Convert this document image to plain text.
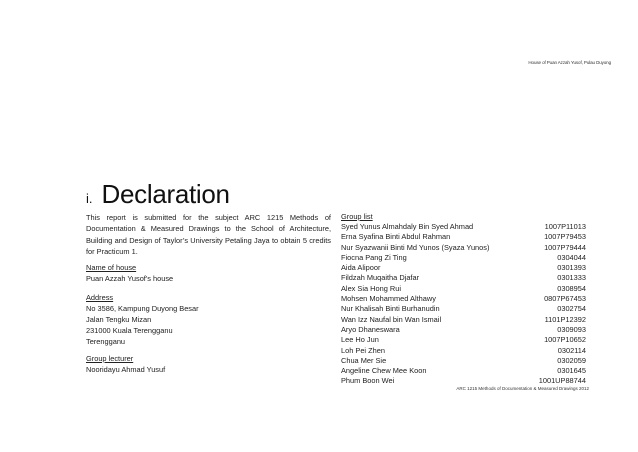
House of Puan Azzah Yusof, Pulau Duyong
i. Declaration
This report is submitted for the subject ARC 1215 Methods of Documentation & Measured Drawings to the School of Architecture, Building and Design of Taylor’s University Petaling Jaya to obtain 5 credits for Practicum 1.
Name of house
Puan Azzah Yusof's house
Address
No 3586, Kampung Duyong Besar
Jalan Tengku Mizan
231000 Kuala Terengganu
Terengganu
Group lecturer
Nooridayu Ahmad Yusuf
Group list
Syed Yunus Almahdaly Bin Syed Ahmad	1007P11013
Erna Syafina Binti Abdul Rahman	1007P79453
Nur Syazwanii Binti Md Yunos (Syaza Yunos)	1007P79444
Fiocna Pang Zi Ting	0304044
Aida Alipoor	0301393
Fildzah Muqaitha Djafar	0301333
Alex Sia Hong Rui	0308954
Mohsen Mohammed Althawy	0807P67453
Nur Khalisah Binti Burhanudin	0302754
Wan Izz Naufal bin Wan Ismail	1101P12392
Aryo Dhaneswara	0309093
Lee Ho Jun	1007P10652
Loh Pei Zhen	0302114
Chua Mer Sie	0302059
Angeline Chew Mee Koon	0301645
Phum Boon Wei	1001UP88744
ARC 1215 Methods of Documentation & Measured Drawings 2012
